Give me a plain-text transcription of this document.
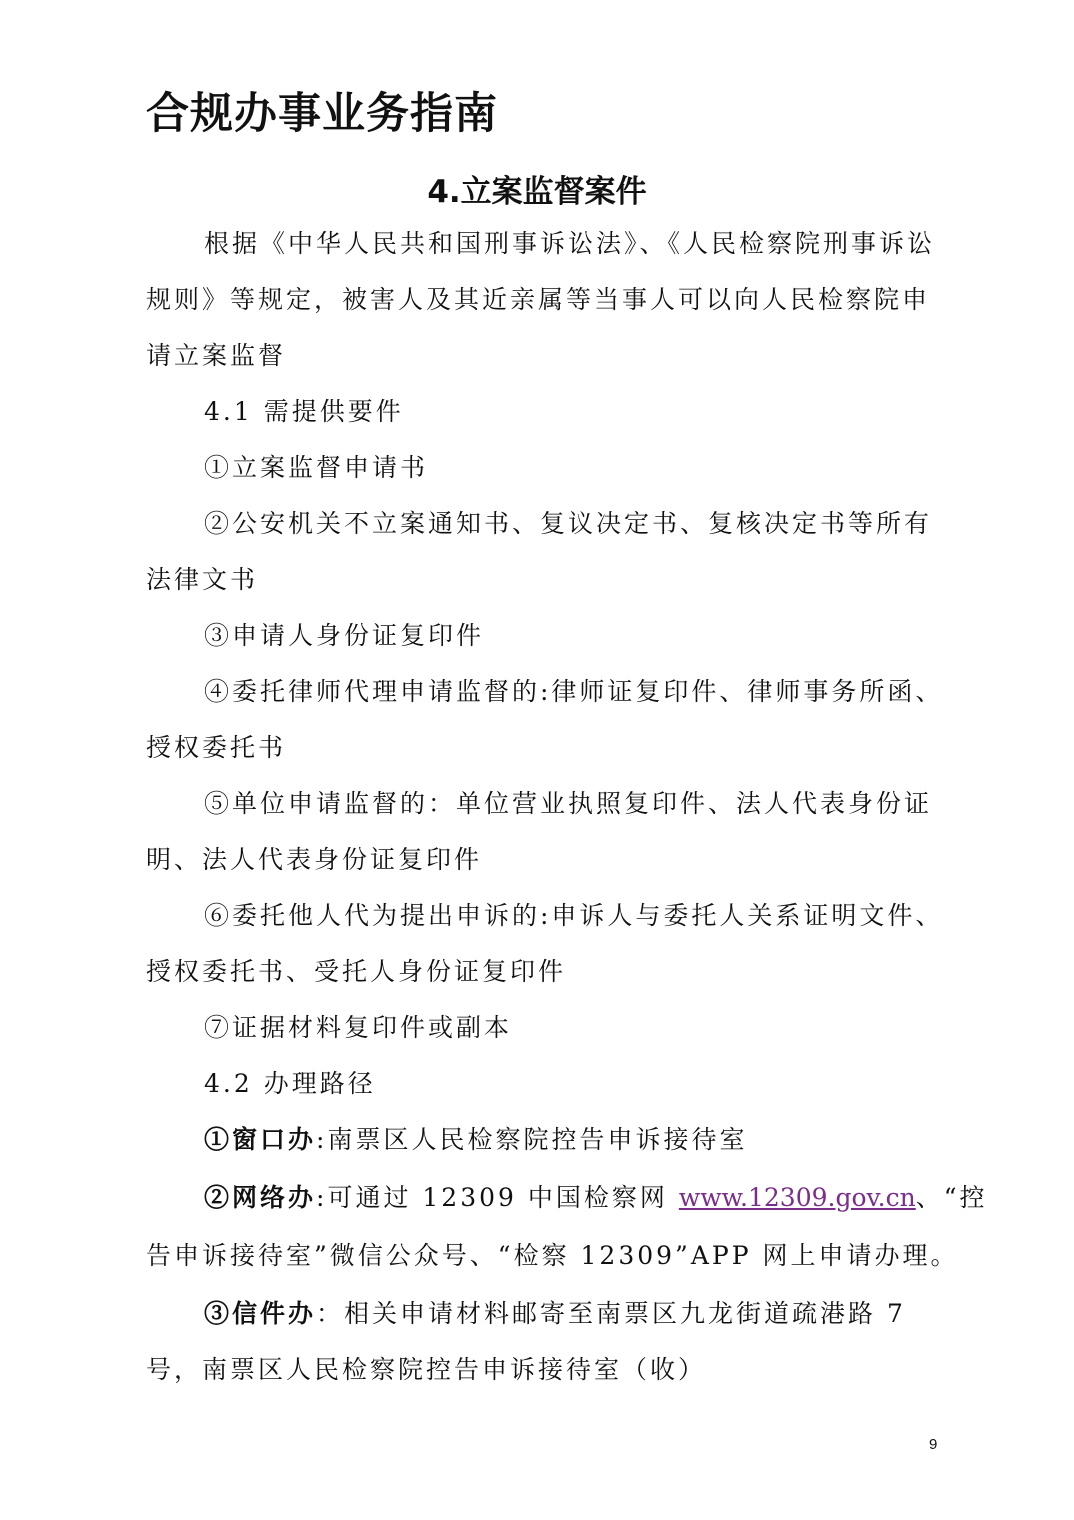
合规办事业务指南
4.立案监督案件
根据《中华人民共和国刑事诉讼法》、《人民检察院刑事诉讼
规则》等规定，被害人及其近亲属等当事人可以向人民检察院申
请立案监督
4.1 需提供要件
①立案监督申请书
②公安机关不立案通知书、复议决定书、复核决定书等所有
法律文书
③申请人身份证复印件
④委托律师代理申请监督的:律师证复印件、律师事务所函、
授权委托书
⑤单位申请监督的：单位营业执照复印件、法人代表身份证
明、法人代表身份证复印件
⑥委托他人代为提出申诉的:申诉人与委托人关系证明文件、
授权委托书、受托人身份证复印件
⑦证据材料复印件或副本
4.2 办理路径
①窗口办:南票区人民检察院控告申诉接待室
②网络办:可通过 12309 中国检察网 www.12309.gov.cn、“控
告申诉接待室”微信公众号、“检察 12309”APP 网上申请办理。
③信件办：相关申请材料邮寄至南票区九龙街道疏港路 7
号，南票区人民检察院控告申诉接待室（收）
9
